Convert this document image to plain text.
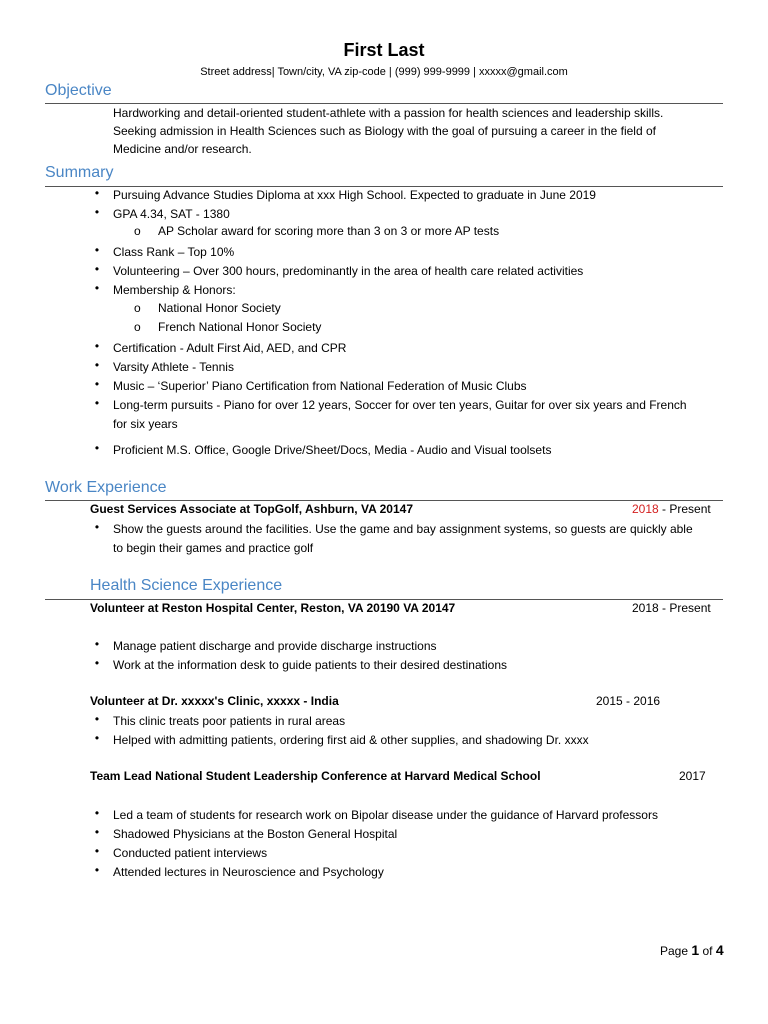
First Last
Street address| Town/city, VA zip-code | (999) 999-9999 | xxxxx@gmail.com
Objective
Hardworking and detail-oriented student-athlete with a passion for health sciences and leadership skills.
Seeking admission in Health Sciences such as Biology with the goal of pursuing a career in the field of
Medicine and/or research.
Summary
•	Pursuing Advance Studies Diploma at xxx High School. Expected to graduate in June 2019
•	GPA 4.34, SAT - 1380
o AP Scholar award for scoring more than 3 on 3 or more AP tests
•	Class Rank – Top 10%
•	Volunteering – Over 300 hours, predominantly in the area of health care related activities
•	Membership & Honors:
o National Honor Society
o French National Honor Society
•	Certification - Adult First Aid, AED, and CPR
•	Varsity Athlete - Tennis
•	Music – ‘Superior’ Piano Certification from National Federation of Music Clubs
•	Long-term pursuits - Piano for over 12 years, Soccer for over ten years, Guitar for over six years and French
for six years
•	Proficient M.S. Office, Google Drive/Sheet/Docs, Media - Audio and Visual toolsets
Work Experience
Guest Services Associate at TopGolf, Ashburn, VA 20147	2018 - Present
•	Show the guests around the facilities. Use the game and bay assignment systems, so guests are quickly able
to begin their games and practice golf
Health Science Experience
Volunteer at Reston Hospital Center, Reston, VA 20190 VA 20147	2018 - Present
•	Manage patient discharge and provide discharge instructions
•	Work at the information desk to guide patients to their desired destinations
Volunteer at Dr. xxxxx's Clinic, xxxxx - India	2015 - 2016
•	This clinic treats poor patients in rural areas
•	Helped with admitting patients, ordering first aid & other supplies, and shadowing Dr. xxxx
Team Lead National Student Leadership Conference at Harvard Medical School	2017
•	Led a team of students for research work on Bipolar disease under the guidance of Harvard professors
•	Shadowed Physicians at the Boston General Hospital
•	Conducted patient interviews
•	Attended lectures in Neuroscience and Psychology
Page 1 of 4
